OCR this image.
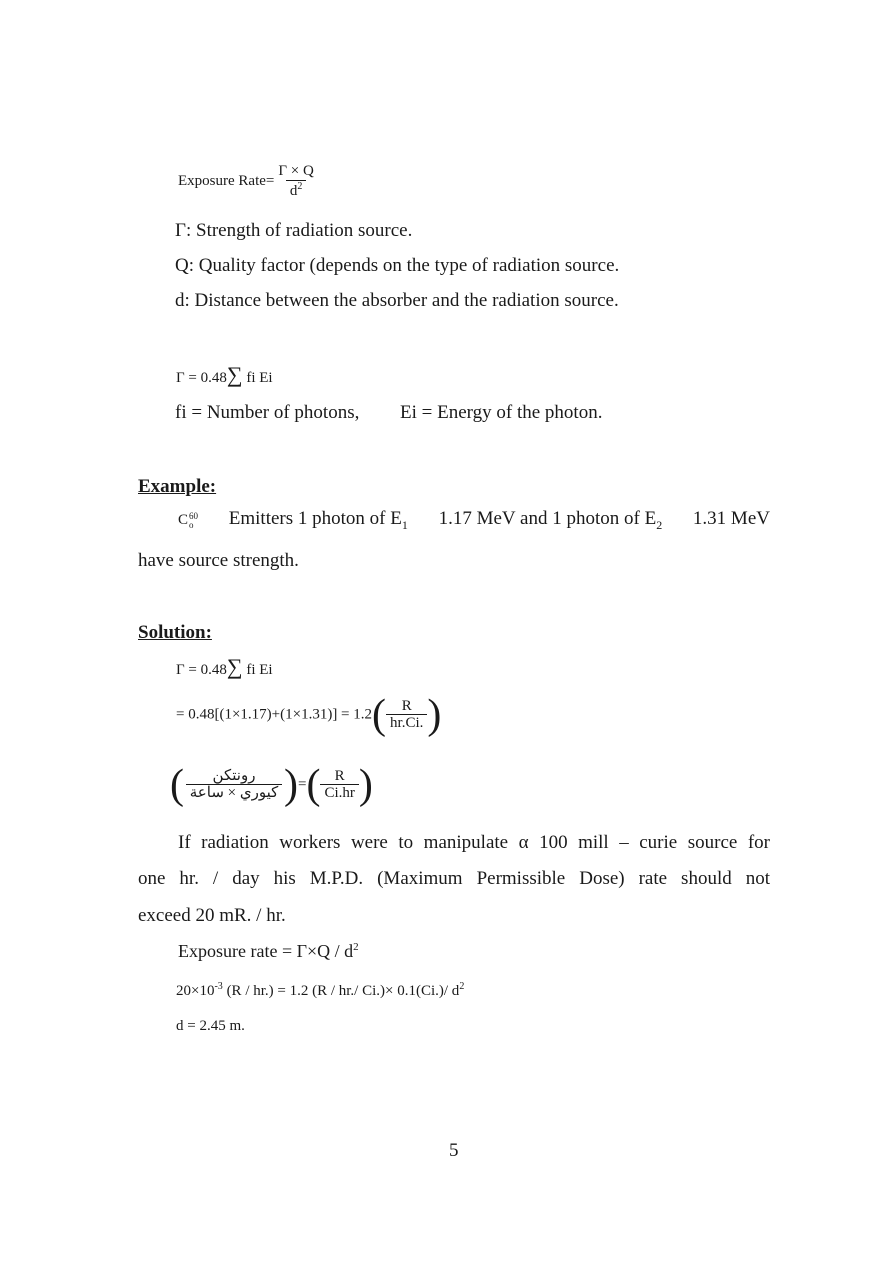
Exposure Rate= $\frac{\Gamma \times Q}{d^2}$
Γ: Strength of radiation source.
Q: Quality factor (depends on the type of radiation source.
d: Distance between the absorber and the radiation source.
Γ = 0.48∑ fi Ei
fi = Number of photons, Ei = Energy of the photon.
Example:
C 60
o Emitters 1 photon of $E_1$ 1.17 MeV and 1 photon of $E_2$ 1.31 MeV
have source strength.
Solution:
Γ = 0.48∑ fi Ei
= $0.48[(1\times 1.17)+(1\times 1.31)] = 1.2( \frac{R}{hr.Ci.}$ )
( $\frac{\text{رونتكن}}{\text{كيوري × ساعة}}$ )=( $\frac{R}{Ci.hr}$ )
If radiation workers were to manipulate α 100 mill – curie source for
one hr. / day his M.P.D. (Maximum Permissible Dose) rate should not
exceed 20 mR. / hr.
Exposure rate = $\Gamma\times Q / d^2$
$20\times 10^{-3}$ (R / hr.) = 1.2 (R / hr./ Ci.)× 0.1(Ci.)/ $d^2$
d = 2.45 m.
5
